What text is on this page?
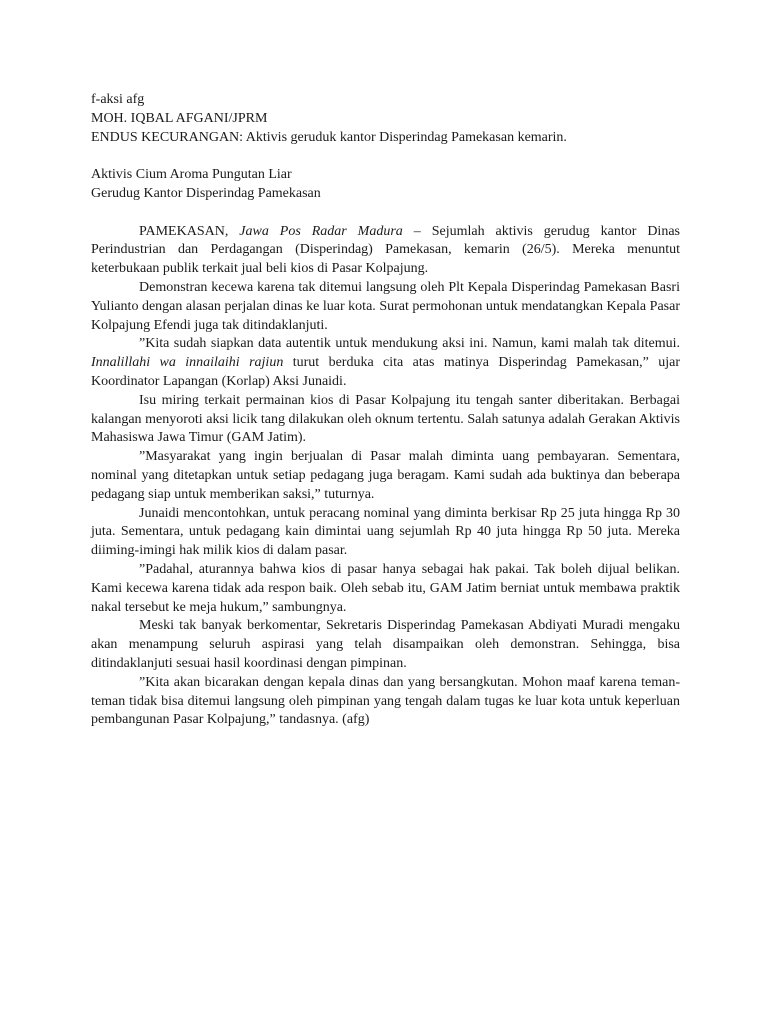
f-aksi afg
MOH. IQBAL AFGANI/JPRM
ENDUS KECURANGAN: Aktivis geruduk kantor Disperindag Pamekasan kemarin.
Aktivis Cium Aroma Pungutan Liar
Gerudug Kantor Disperindag Pamekasan

PAMEKASAN, Jawa Pos Radar Madura – Sejumlah aktivis gerudug kantor Dinas Perindustrian dan Perdagangan (Disperindag) Pamekasan, kemarin (26/5). Mereka menuntut keterbukaan publik terkait jual beli kios di Pasar Kolpajung.

Demonstran kecewa karena tak ditemui langsung oleh Plt Kepala Disperindag Pamekasan Basri Yulianto dengan alasan perjalan dinas ke luar kota. Surat permohonan untuk mendatangkan Kepala Pasar Kolpajung Efendi juga tak ditindaklanjuti.

”Kita sudah siapkan data autentik untuk mendukung aksi ini. Namun, kami malah tak ditemui. Innalillahi wa innailaihi rajiun turut berduka cita atas matinya Disperindag Pamekasan,” ujar Koordinator Lapangan (Korlap) Aksi Junaidi.

Isu miring terkait permainan kios di Pasar Kolpajung itu tengah santer diberitakan. Berbagai kalangan menyoroti aksi licik tang dilakukan oleh oknum tertentu. Salah satunya adalah Gerakan Aktivis Mahasiswa Jawa Timur (GAM Jatim).

”Masyarakat yang ingin berjualan di Pasar malah diminta uang pembayaran. Sementara, nominal yang ditetapkan untuk setiap pedagang juga beragam. Kami sudah ada buktinya dan beberapa pedagang siap untuk memberikan saksi,” tuturnya.

Junaidi mencontohkan, untuk peracang nominal yang diminta berkisar Rp 25 juta hingga Rp 30 juta. Sementara, untuk pedagang kain dimintai uang sejumlah Rp 40 juta hingga Rp 50 juta. Mereka diiming-imingi hak milik kios di dalam pasar.

”Padahal, aturannya bahwa kios di pasar hanya sebagai hak pakai. Tak boleh dijual belikan. Kami kecewa karena tidak ada respon baik. Oleh sebab itu, GAM Jatim berniat untuk membawa praktik nakal tersebut ke meja hukum,” sambungnya.

Meski tak banyak berkomentar, Sekretaris Disperindag Pamekasan Abdiyati Muradi mengaku akan menampung seluruh aspirasi yang telah disampaikan oleh demonstran. Sehingga, bisa ditindaklanjuti sesuai hasil koordinasi dengan pimpinan.

”Kita akan bicarakan dengan kepala dinas dan yang bersangkutan. Mohon maaf karena teman-teman tidak bisa ditemui langsung oleh pimpinan yang tengah dalam tugas ke luar kota untuk keperluan pembangunan Pasar Kolpajung,” tandasnya. (afg)
